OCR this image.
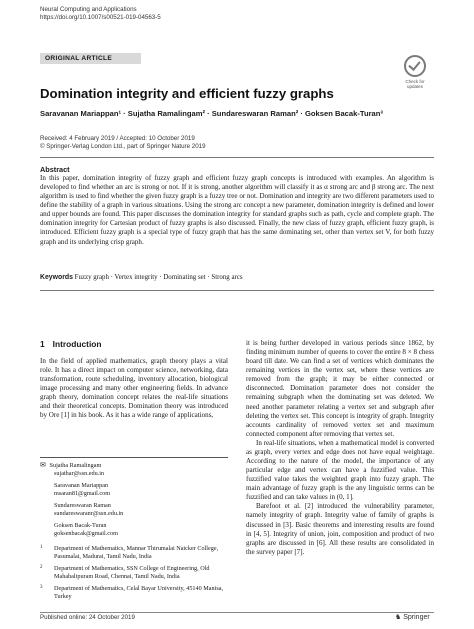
Neural Computing and Applications
https://doi.org/10.1007/s00521-019-04563-5
ORIGINAL ARTICLE
Check for updates
Domination integrity and efficient fuzzy graphs
Saravanan Mariappan¹ · Sujatha Ramalingam² · Sundareswaran Raman² · Goksen Bacak-Turan³
Received: 4 February 2019 / Accepted: 10 October 2019
© Springer-Verlag London Ltd., part of Springer Nature 2019
Abstract
In this paper, domination integrity of fuzzy graph and efficient fuzzy graph concepts is introduced with examples. An algorithm is developed to find whether an arc is strong or not. If it is strong, another algorithm will classify it as α strong arc and β strong arc. The next algorithm is used to find whether the given fuzzy graph is a fuzzy tree or not. Domination and integrity are two different parameters used to define the stability of a graph in various situations. Using the strong arc concept a new parameter, domination integrity is defined and lower and upper bounds are found. This paper discusses the domination integrity for standard graphs such as path, cycle and complete graph. The domination integrity for Cartesian product of fuzzy graphs is also discussed. Finally, the new class of fuzzy graph, efficient fuzzy graph, is introduced. Efficient fuzzy graph is a special type of fuzzy graph that has the same dominating set, other than vertex set V, for both fuzzy graph and its underlying crisp graph.
Keywords Fuzzy graph · Vertex integrity · Dominating set · Strong arcs
1 Introduction

In the field of applied mathematics, graph theory plays a vital role. It has a direct impact on computer science, networking, data transformation, route scheduling, inventory allocation, biological image processing and many other engineering fields. In advance graph theory, domination concept relates the real-life situations and their theoretical concepts. Domination theory was introduced by Ore [1] in his book. As it has a wide range of applications,

it is being further developed in various periods since 1862, by finding minimum number of queens to cover the entire 8 × 8 chess board till date. We can find a set of vertices which dominates the remaining vertices in the vertex set, where these vertices are removed from the graph; it may be either connected or disconnected. Domination parameter does not consider the remaining subgraph when the dominating set was deleted. We need another parameter relating a vertex set and subgraph after deleting the vertex set. This concept is integrity of graph. Integrity accounts cardinality of removed vertex set and maximum connected component after removing that vertex set.

In real-life situations, when a mathematical model is converted as graph, every vertex and edge does not have equal weightage. According to the nature of the model, the importance of any particular edge and vertex can have a fuzzified value. This fuzzified value takes the weighted graph into fuzzy graph. The main advantage of fuzzy graph is the any linguistic terms can be fuzzified and can take values in (0, 1].

Barefoot et al. [2] introduced the vulnerability parameter, namely integrity of graph. Integrity value of family of graphs is discussed in [3]. Basic theorems and interesting results are found in [4, 5]. Integrity of union, join, composition and product of two graphs are discussed in [6]. All these results are consolidated in the survey paper [7].

✉ Sujatha Ramalingam
sujathar@ssn.edu.in
Saravanan Mariappan
msaran81@gmail.com
Sundareswaran Raman
sundareswaranr@ssn.edu.in
Goksen Bacak-Turan
goksenbacak@gmail.com
1 Department of Mathematics, Mannar Thirumalai Naicker College, Pasumalai, Madurai, Tamil Nadu, India
2 Department of Mathematics, SSN College of Engineering, Old Mahabalipuram Road, Chennai, Tamil Nadu, India
3 Department of Mathematics, Celal Bayar University, 45140 Manisa, Turkey
Published online: 24 October 2019	♞ Springer
